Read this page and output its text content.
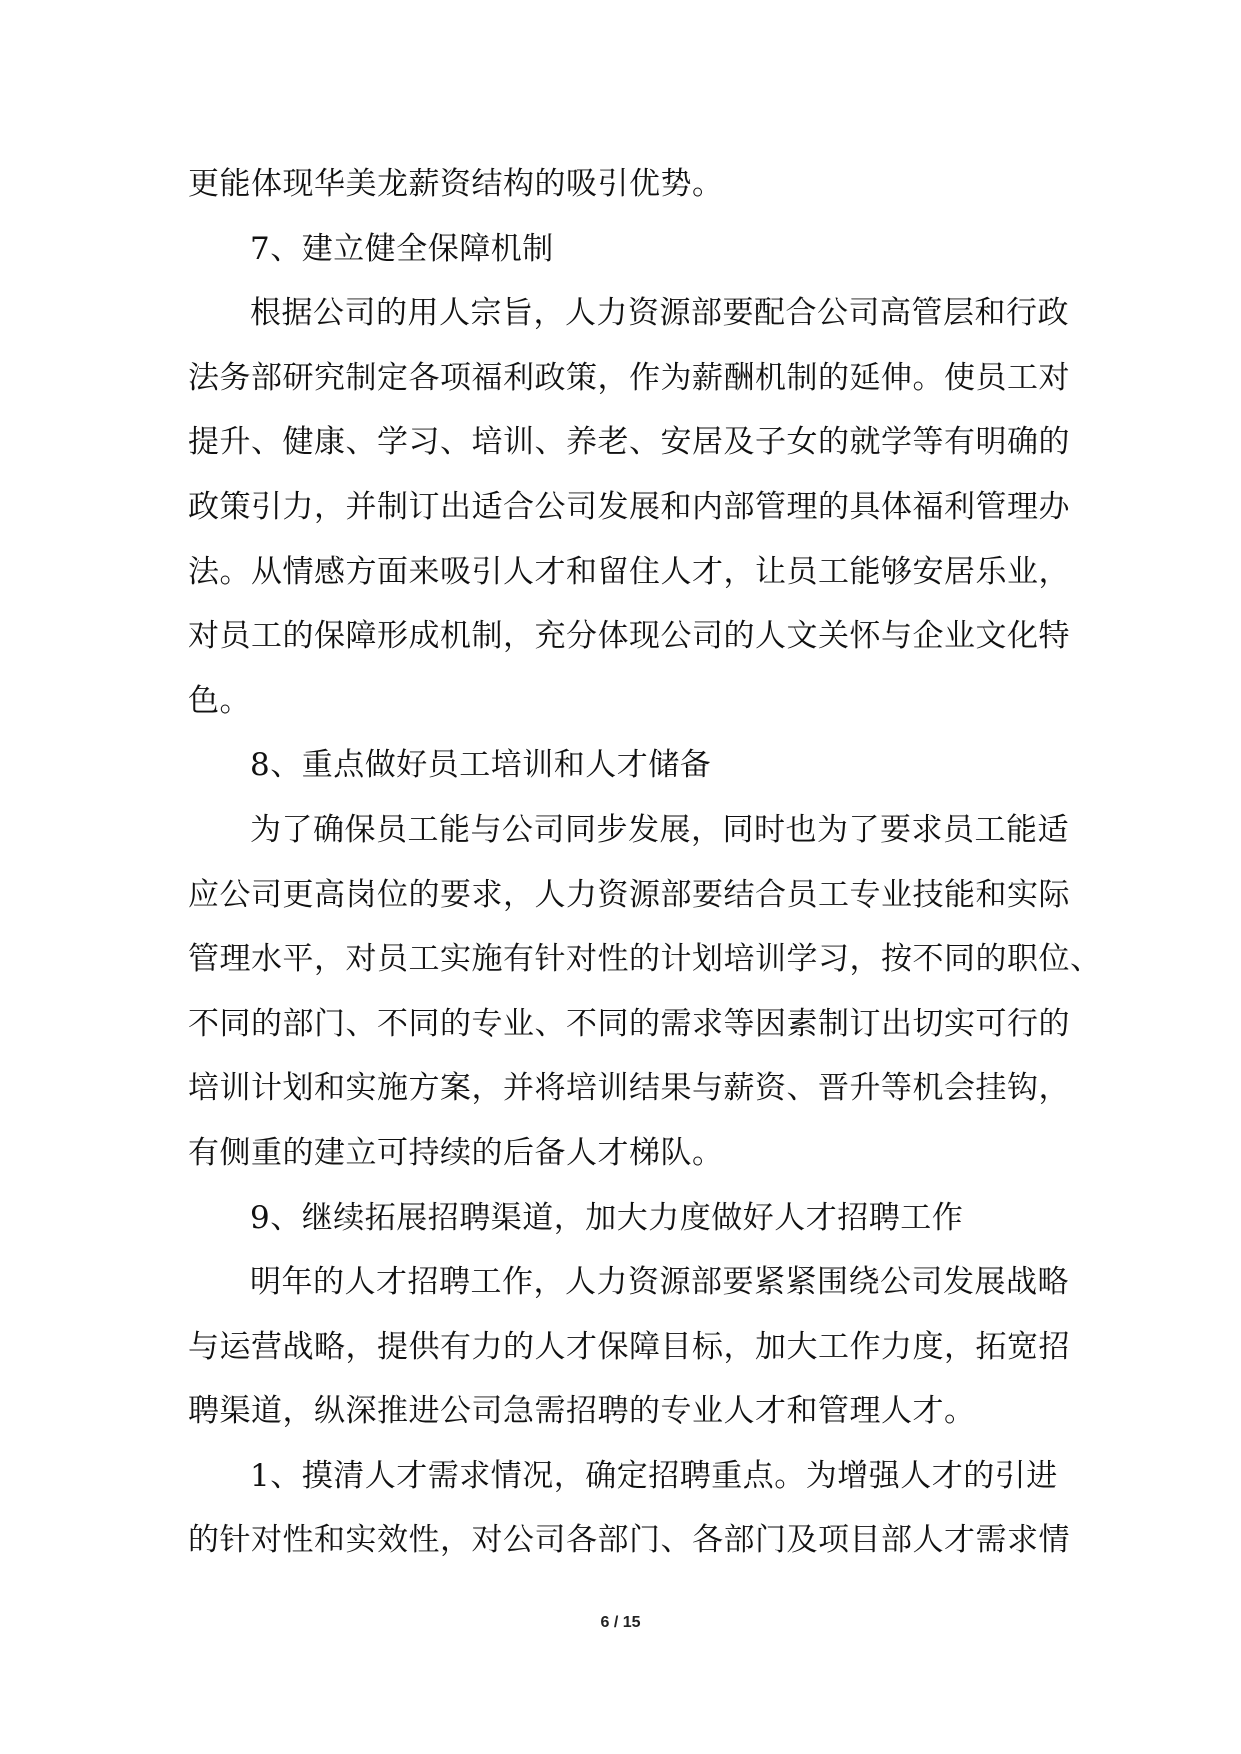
更能体现华美龙薪资结构的吸引优势。
7、建立健全保障机制
根据公司的用人宗旨，人力资源部要配合公司高管层和行政
法务部研究制定各项福利政策，作为薪酬机制的延伸。使员工对
提升、健康、学习、培训、养老、安居及子女的就学等有明确的
政策引力，并制订出适合公司发展和内部管理的具体福利管理办
法。从情感方面来吸引人才和留住人才，让员工能够安居乐业，
对员工的保障形成机制，充分体现公司的人文关怀与企业文化特
色。
8、重点做好员工培训和人才储备
为了确保员工能与公司同步发展，同时也为了要求员工能适
应公司更高岗位的要求，人力资源部要结合员工专业技能和实际
管理水平，对员工实施有针对性的计划培训学习，按不同的职位、
不同的部门、不同的专业、不同的需求等因素制订出切实可行的
培训计划和实施方案，并将培训结果与薪资、晋升等机会挂钩，
有侧重的建立可持续的后备人才梯队。
9、继续拓展招聘渠道，加大力度做好人才招聘工作
明年的人才招聘工作，人力资源部要紧紧围绕公司发展战略
与运营战略，提供有力的人才保障目标，加大工作力度，拓宽招
聘渠道，纵深推进公司急需招聘的专业人才和管理人才。
1、摸清人才需求情况，确定招聘重点。为增强人才的引进
的针对性和实效性，对公司各部门、各部门及项目部人才需求情
6 / 15
